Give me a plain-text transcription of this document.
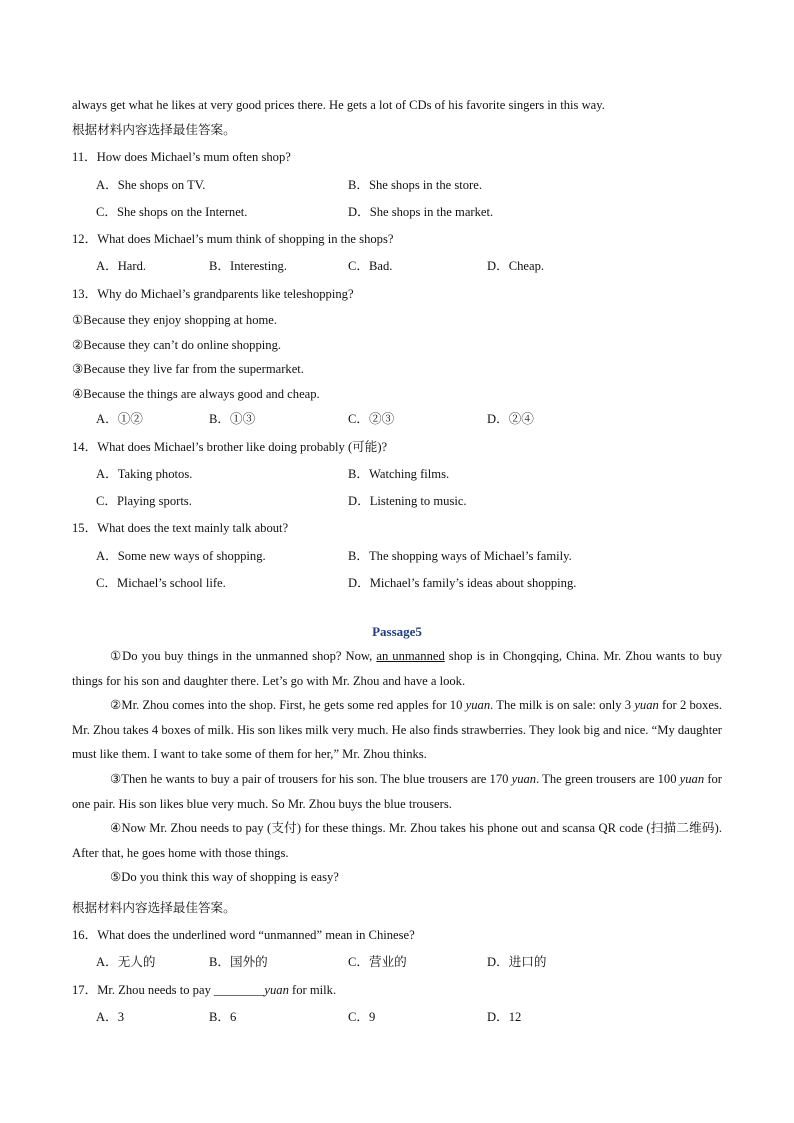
always get what he likes at very good prices there. He gets a lot of CDs of his favorite singers in this way.
根据材料内容选择最佳答案。
11．How does Michael’s mum often shop?
A．She shops on TV.	B．She shops in the store.
C．She shops on the Internet.	D．She shops in the market.
12．What does Michael’s mum think of shopping in the shops?
A．Hard.	B．Interesting.	C．Bad.	D．Cheap.
13．Why do Michael’s grandparents like teleshopping?
①Because they enjoy shopping at home.
②Because they can’t do online shopping.
③Because they live far from the supermarket.
④Because the things are always good and cheap.
A．①②	B．①③	C．②③	D．②④
14．What does Michael’s brother like doing probably (可能)?
A．Taking photos.	B．Watching films.
C．Playing sports.	D．Listening to music.
15．What does the text mainly talk about?
A．Some new ways of shopping.	B．The shopping ways of Michael’s family.
C．Michael’s school life.	D．Michael’s family’s ideas about shopping.
Passage5

①Do you buy things in the unmanned shop? Now, an unmanned shop is in Chongqing, China. Mr. Zhou wants to buy things for his son and daughter there. Let’s go with Mr. Zhou and have a look.

②Mr. Zhou comes into the shop. First, he gets some red apples for 10 yuan. The milk is on sale: only 3 yuan for 2 boxes. Mr. Zhou takes 4 boxes of milk. His son likes milk very much. He also finds strawberries. They look big and nice. “My daughter must like them. I want to take some of them for her,” Mr. Zhou thinks.

③Then he wants to buy a pair of trousers for his son. The blue trousers are 170 yuan. The green trousers are 100 yuan for one pair. His son likes blue very much. So Mr. Zhou buys the blue trousers.

④Now Mr. Zhou needs to pay (支付) for these things. Mr. Zhou takes his phone out and scansa QR code (扫描二维码). After that, he goes home with those things.

⑤Do you think this way of shopping is easy?

根据材料内容选择最佳答案。
16．What does the underlined word “unmanned” mean in Chinese?
A．无人的	B．国外的	C．营业的	D．进口的
17．Mr. Zhou needs to pay ________yuan for milk.
A．3	B．6	C．9	D．12
